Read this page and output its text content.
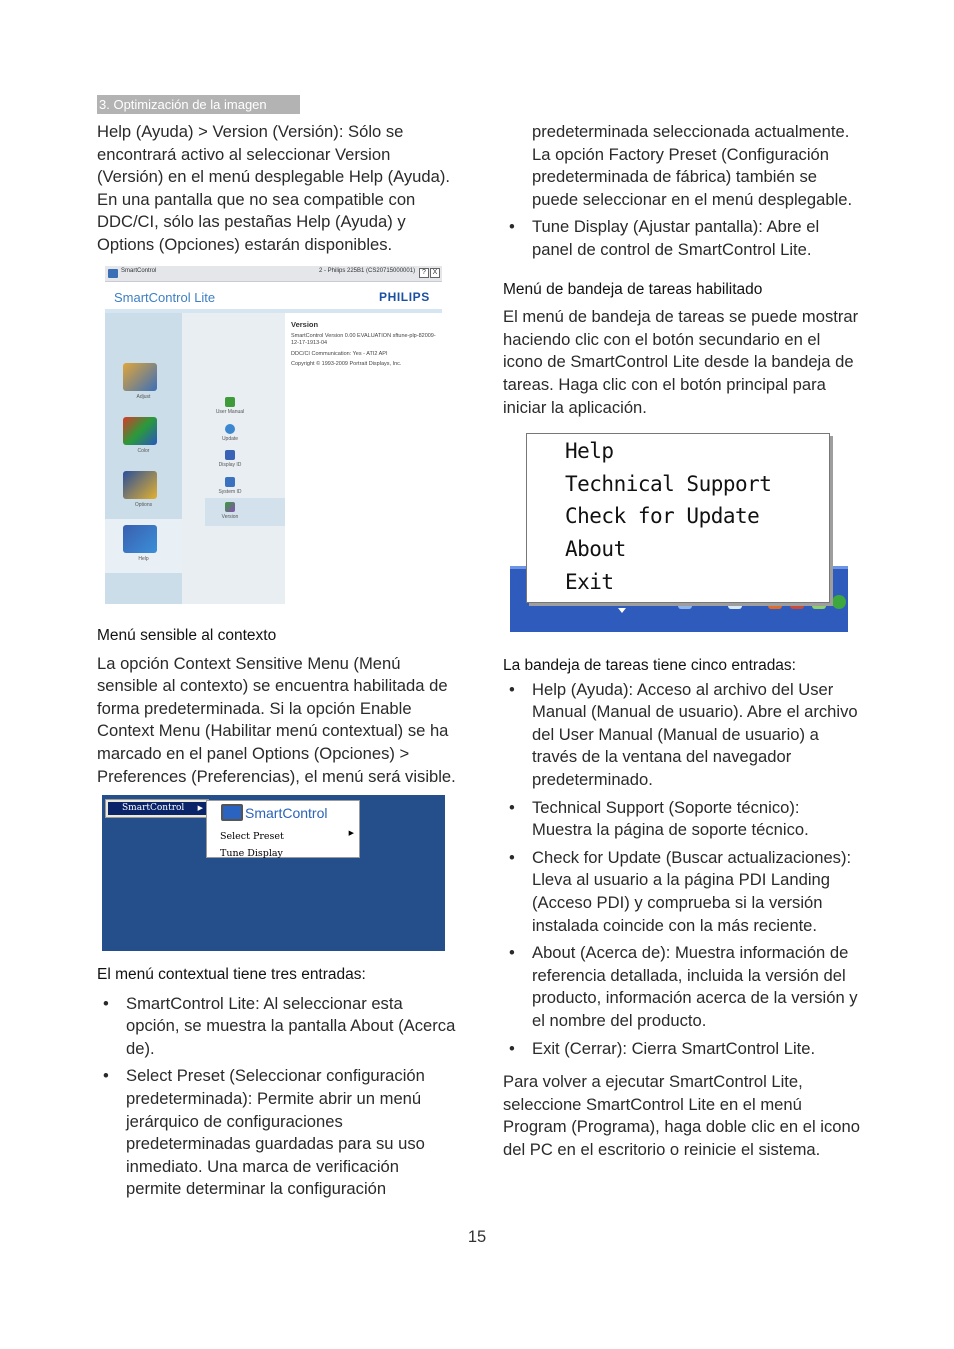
3. Optimización de la imagen

Help (Ayuda) > Version (Versión): Sólo se encontrará activo al seleccionar Version (Versión) en el menú desplegable Help (Ayuda). En una pantalla que no sea compatible con DDC/CI, sólo las pestañas Help (Ayuda) y Options (Opciones) estarán disponibles.

SmartControl	2 - Philips 225B1 (CS20715000001) ? X
SmartControl Lite	PHILIPS
Adjust
Color
Options
Help
User Manual
Update
Display ID
System ID
Version
Version
SmartControl Version 0.00 EVALUATION sftune-plp-82009-12-17-1913-04
DDC/CI Communication: Yes - ATI2 API
Copyright © 1993-2009 Portrait Displays, Inc.

Menú sensible al contexto

La opción Context Sensitive Menu (Menú sensible al contexto) se encuentra habilitada de forma predeterminada. Si la opción Enable Context Menu (Habilitar menú contextual) se ha marcado en el panel Options (Opciones) > Preferences (Preferencias), el menú será visible.

SmartControl ▶	SmartControl
Select Preset	▶
Tune Display

El menú contextual tiene tres entradas:

• SmartControl Lite: Al seleccionar esta opción, se muestra la pantalla About (Acerca de).

• Select Preset (Seleccionar configuración predeterminada): Permite abrir un menú jerárquico de configuraciones predeterminadas guardadas para su uso inmediato. Una marca de verificación permite determinar la configuración

predeterminada seleccionada actualmente. La opción Factory Preset (Configuración predeterminada de fábrica) también se puede seleccionar en el menú desplegable.

• Tune Display (Ajustar pantalla): Abre el panel de control de SmartControl Lite.

Menú de bandeja de tareas habilitado

El menú de bandeja de tareas se puede mostrar haciendo clic con el botón secundario en el icono de SmartControl Lite desde la bandeja de tareas. Haga clic con el botón principal para iniciar la aplicación.

Help
Technical Support
Check for Update
About
Exit

La bandeja de tareas tiene cinco entradas:

• Help (Ayuda): Acceso al archivo del User Manual (Manual de usuario). Abre el archivo del User Manual (Manual de usuario) a través de la ventana del navegador predeterminado.

• Technical Support (Soporte técnico): Muestra la página de soporte técnico.

• Check for Update (Buscar actualizaciones): Lleva al usuario a la página PDI Landing (Acceso PDI) y comprueba si la versión instalada coincide con la más reciente.

• About (Acerca de): Muestra información de referencia detallada, incluida la versión del producto, información acerca de la versión y el nombre del producto.

• Exit (Cerrar): Cierra SmartControl Lite.

Para volver a ejecutar SmartControl Lite, seleccione SmartControl Lite en el menú Program (Programa), haga doble clic en el icono del PC en el escritorio o reinicie el sistema.

15
